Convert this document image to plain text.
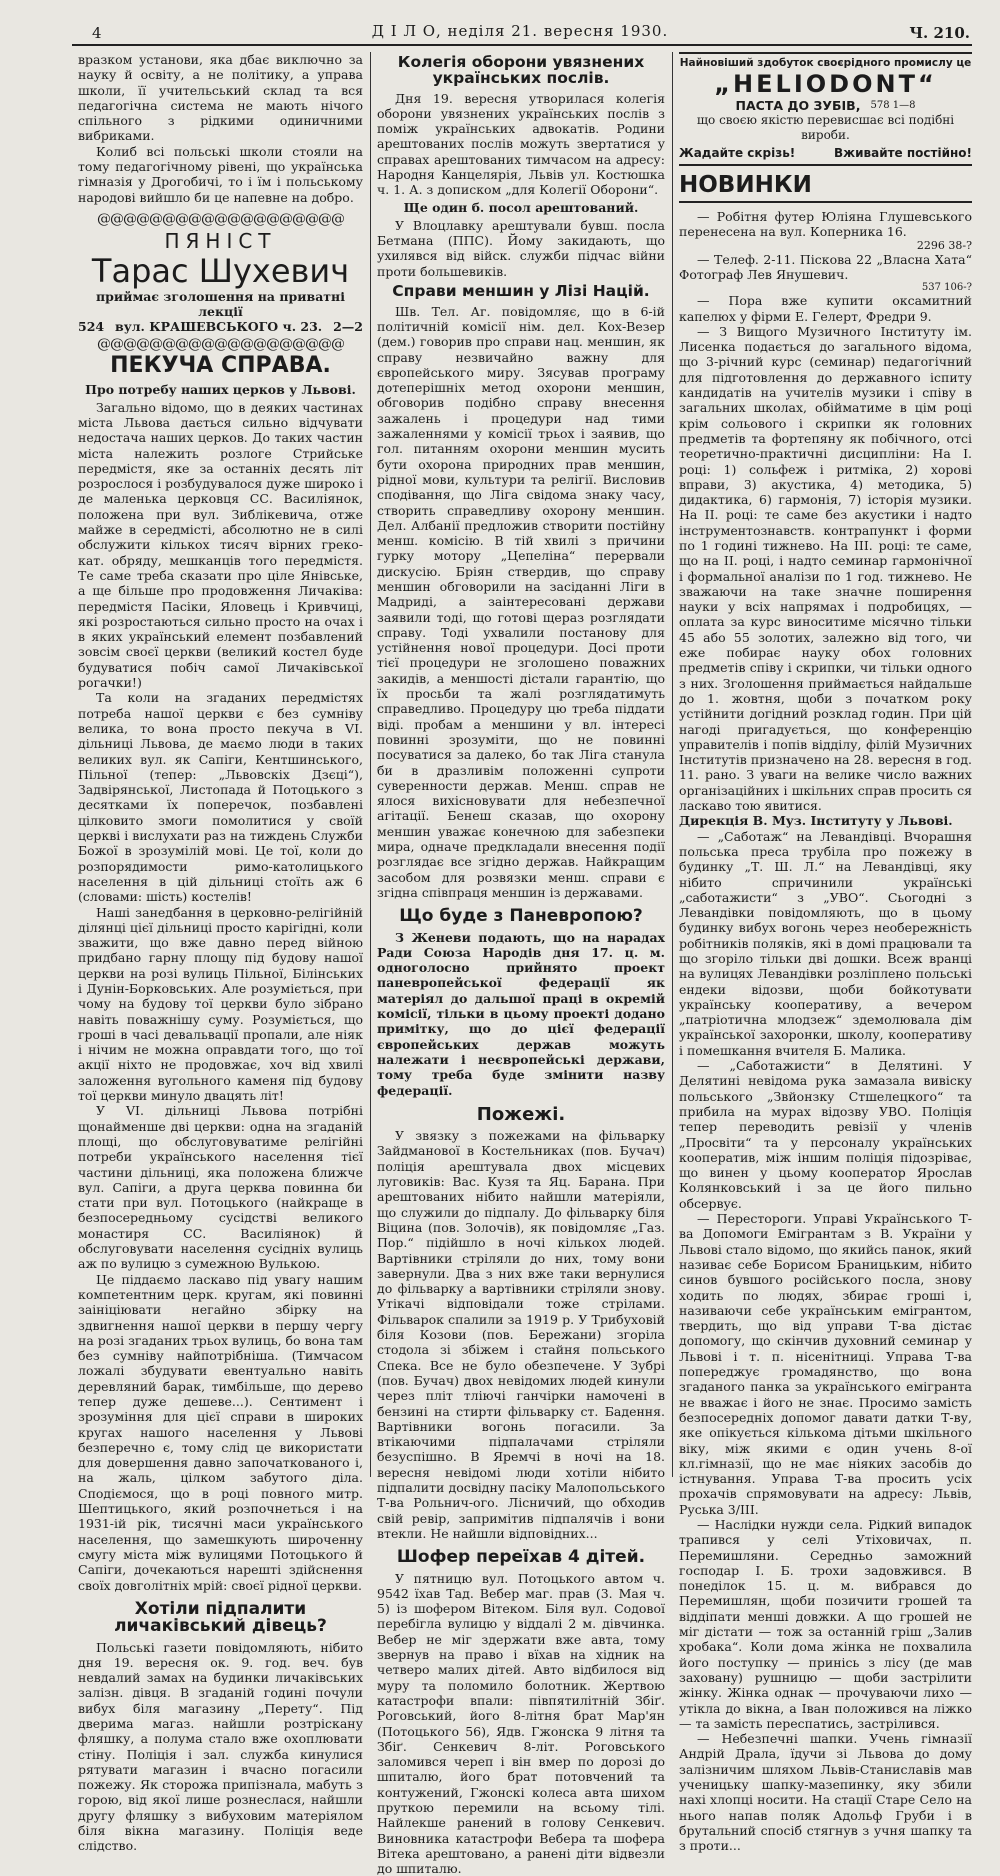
4	Д І Л О, неділя 21. вересня 1930.	Ч. 210.

вразком установи, яка дбає виключно за науку й освіту, а не політику, а управа школи, її учительський склад та вся педагогічна система не мають нічого спільного з рідкими одиничними вибриками.

Колиб всі польські школи стояли на тому педагогічному рівені, що українська гімназія у Дрогобичі, то і їм і польському народові вийшло би це напевне на добро.

@@@@@@@@@@@@@@@@@@@
ПЯНІСТ
Тарас Шухевич
приймає зголошення на приватні лекції
524 вул. КРАШЕВСЬКОГО ч. 23. 2—2
@@@@@@@@@@@@@@@@@@@
ПЕКУЧА СПРАВА.
Про потребу наших церков у Львові.

Загально відомо, що в деяких частинах міста Львова дається сильно відчувати недостача наших церков. До таких частин міста належить розлоге Стрийське передмістя, яке за останніх десять літ розрослося і розбудувалося дуже широко і де маленька церковця СС. Василіянок, положена при вул. Зиблікевича, отже майже в середмісті, абсолютно не в силі обслужити кількох тисяч вірних греко-кат. обряду, мешканців того передмістя. Те саме треба сказати про ціле Янівське, а ще більше про продовження Личаківа: передмістя Пасіки, Яловець і Кривчиці, які розростаються сильно просто на очах і в яких український елемент позбавлений зовсім своєї церкви (великий костел буде будуватися побіч самої Личаківської рогачки!)

Та коли на згаданих передмістях потреба нашої церкви є без сумніву велика, то вона просто пекуча в VI. дільниці Львова, де маємо люди в таких великих вул. як Сапіги, Кентшинського, Пільної (тепер: „Львовскіх Дзєці“), Задвірянської, Листопада й Потоцького з десятками їх поперечок, позбавлені цілковито змоги помолитися у своїй церкві і вислухати раз на тиждень Служби Божої в зрозумілій мові. Це тої, коли до розпорядимости римо-католицького населення в цій дільниці стоїть аж 6 (словами: шість) костелів!

Наші занедбання в церковно-релігійній ділянці цієї дільниці просто карігідні, коли зважити, що вже давно перед війною придбано гарну площу під будову нашої церкви на розі вулиць Пільної, Білінських і Дунін-Борковських. Але розуміється, при чому на будову тої церкви було зібрано навіть поважнішу суму. Розуміється, що гроші в часі девальвації пропали, але ніяк і нічим не можна оправдати того, що тої акції ніхто не продовжає, хоч від хвилі заложення вугольного каменя під будову тої церкви минуло двацять літ!

У VI. дільниці Львова потрібні щонайменше дві церкви: одна на згаданій площі, що обслуговуватиме релігійні потреби українського населення тієї частини дільниці, яка положена ближче вул. Сапіги, а друга церква повинна би стати при вул. Потоцького (найкраще в безпосередньому сусідстві великого монастиря СС. Василіянок) й обслуговувати населення сусідніх вулиць аж по вулицю з сумежною Вулькою.

Це піддаємо ласкаво під увагу нашим компетентним церк. кругам, які повинні заініціювати негайно збірку на здвигнення нашої церкви в першу чергу на розі згаданих трьох вулиць, бо вона там без сумніву найпотрібніша. (Тимчасом ложалі збудувати евентуально навіть деревляний барак, тимбільше, що дерево тепер дуже дешеве...). Сентимент і зрозуміння для цієї справи в широких кругах нашого населення у Львові безперечно є, тому слід це використати для довершення давно започаткованого і, на жаль, цілком забутого діла. Сподіємося, що в році повного митр. Шептицького, який розпочнеться і на 1931-ій рік, тисячні маси українського населення, що замешкують широченну смугу міста між вулицями Потоцького й Сапіги, дочекаються нарешті здійснення своїх довголітніх мрій: своєї рідної церкви.

Хотіли підпалити личаківський дівець?

Польські газети повідомляють, нібито дня 19. вересня ок. 9. год. веч. був невдалий замах на будинки личаківських залізн. дівця. В згаданій годині почули вибух біля магазину „Перету“. Під дверима магаз. найшли розтріскану фляшку, а полума стало вже охоплювати стіну. Поліція і зал. служба кинулися рятувати магазин і вчасно погасили пожежу. Як сторожа припізнала, мабуть з горою, від якої лише рознеслася, найшли другу фляшку з вибуховим матеріялом біля вікна магазину. Поліція веде слідство.

Колегія оборони увязнених українських послів.

Дня 19. вересня утворилася колегія оборони увязнених українських послів з поміж українських адвокатів. Родини арештованих послів можуть звертатися у справах арештованих тимчасом на адресу: Народня Канцелярія, Львів ул. Костюшка ч. 1. А. з дописком „для Колегії Оборони“.

Ще один б. посол арештований.

У Влоцлавку арештували бувш. посла Бетмана (ППС). Йому закидають, що ухилявся від війск. служби підчас війни проти большевиків.

Справи меншин у Лізі Націй.

Шв. Тел. Аг. повідомляє, що в 6-ій політичній комісії нім. дел. Кох-Везер (дем.) говорив про справи нац. меншин, як справу незвичайно важну для європейського миру. Зясував програму дотеперішніх метод охорони меншин, обговорив подібно справу внесення зажалень і процедури над тими зажаленнями у комісії трьох і заявив, що гол. питанням охорони меншин мусить бути охорона природних прав меншин, рідної мови, культури та релігії. Висловив сподівання, що Ліга свідома знаку часу, створить справедливу охорону меншин. Дел. Албанії предложив створити постійну менш. комісію. В тій хвилі з причини гурку мотору „Цепеліна“ перервали дискусію. Бріян ствердив, що справу меншин обговорили на засіданні Ліги в Мадриді, а заінтересовані держави заявили тоді, що готові щераз розглядати справу. Тоді ухвалили постанову для устійнення нової процедури. Досі проти тієї процедури не зголошено поважних закидів, а меншості дістали гарантію, що їх просьби та жалі розглядатимуть справедливо. Процедуру цю треба піддати віді. пробам а меншини у вл. інтересі повинні зрозуміти, що не повинні посуватися за далеко, бо так Ліга станула би в дразливім положенні супроти суверенности держав. Менш. справ не ялося вихісновувати для небезпечної агітації. Бенеш сказав, що охорону меншин уважає конечною для забезпеки мира, одначе предкладали внесення події розглядає все згідно держав. Найкращим засобом для розвязки менш. справи є згідна співпраця меншин із державами.

Що буде з Паневропою?

З Женеви подають, що на нарадах Ради Союза Народів дня 17. ц. м. одноголосно прийнято проект паневропейської федерації як матеріял до дальшої праці в окремій комісії, тільки в цьому проекті додано примітку, що до цієї федерації європейських держав можуть належати і неєвропейські держави, тому треба буде змінити назву федерації.

Пожежі.

У звязку з пожежами на фільварку Зайдманової в Костельниках (пов. Бучач) поліція арештувала двох місцевих луговиків: Вас. Кузя та Яц. Барана. При арештованих нібито найшли матеріяли, що служили до підпалу. До фільварку біля Віцина (пов. Золочів), як повідомляє „Газ. Пор.“ підійшло в ночі кількох людей. Вартівники стріляли до них, тому вони завернули. Два з них вже таки вернулися до фільварку а вартівники стріляли знову. Утікачі відповідали тоже стрілами. Фільварок спалили за 1919 р. У Трибуховій біля Козови (пов. Бережани) згоріла стодола зі збіжем і стайня польського Спека. Все не було обезпечене. У Зубрі (пов. Бучач) двох невідомих людей кинули через пліт тліючі ганчірки намочені в бензині на стирти фільварку ст. Бадення. Вартівники вогонь погасили. За втікаючими підпалачами стріляли безуспішно. В Яремчі в ночі на 18. вересня невідомі люди хотіли нібито підпалити досвідну пасіку Малопольського Т-ва Рольнич-ого. Лісничий, що обходив свій ревір, запримітив підпалячів і вони втекли. Не найшли відповідних...

Шофер переїхав 4 дітей.

У пятницю вул. Потоцького автом ч. 9542 їхав Тад. Вебер маг. прав (3. Мая ч. 5) із шофером Вітеком. Біля вул. Содової перебігла вулицю у віддалі 2 м. дівчинка. Вебер не міг здержати вже авта, тому звернув на право і вїхав на хідник на четверо малих дітей. Авто відбилося від муру та поломило болотник. Жертвою катастрофи впали: півпятилітній Збіґ. Роговський, його 8-літня брат Мар'ян (Потоцького 56), Ядв. Гжонска 9 літня та Збіґ. Сенкевич 8-літ. Роговського заломився череп і він вмер по дорозі до шпиталю, його брат потовчений та контужений, Гжонскі колеса авта шихом пруткою перемили на всьому тілі. Найлекше ранений в голову Сенкевич. Виновника катастрофи Вебера та шофера Вітека арештовано, а ранені діти відвезли до шпиталю.

Найновіший здобуток своєрідного промислу це
„HELIODONT“
ПАСТА ДО ЗУБІВ, 578 1—8
що своєю якістю перевисшає всі подібні вироби.
Жадайте скрізь!	Вживайте постійно!
НОВИНКИ

— Робітня футер Юліяна Глушевського перенесена на вул. Коперника 16.

2296 38-?

— Телеф. 2-11. Піскова 22 „Власна Хата“ Фотограф Лев Янушевич.

537 106-?

— Пора вже купити оксамитний капелюх у фірми Е. Гелерт, Фредри 9.

— З Вищого Музичного Інституту ім. Лисенка подається до загального відома, що 3-річний курс (семинар) педагогічний для підготовлення до державного іспиту кандидатів на учителів музики і співу в загальних школах, обійматиме в цім році крім сольового і скрипки як головних предметів та фортепяну як побічного, отсі теоретично-практичні дисципліни: На І. році: 1) сольфеж і ритміка, 2) хорові вправи, 3) акустика, 4) методика, 5) дидактика, 6) гармонія, 7) історія музики. На ІІ. році: те саме без акустики і надто інструментознавств. контрапункт і форми по 1 годині тижнево. На ІІІ. році: те саме, що на ІІ. році, і надто семинар гармонічної і формальної аналізи по 1 год. тижнево. Не зважаючи на таке значне поширення науки у всіх напрямах і подробицях, — оплата за курс виноситиме місячно тільки 45 або 55 золотих, залежно від того, чи еже побирає науку обох головних предметів співу і скрипки, чи тільки одного з них. Зголошення приймається найдальше до 1. жовтня, щоби з початком року устійнити догідний розклад годин. При цій нагоді пригадується, що конференцію управителів і попів відділу, філій Музичних Інститутів призначено на 28. вересня в год. 11. рано. З уваги на велике число важних організаційних і шкільних справ просить ся ласкаво тою явитися.

Дирекція В. Муз. Інституту у Львові.

— „Саботаж“ на Левандівці. Вчорашня польська преса трубіла про пожежу в будинку „Т. Ш. Л.“ на Левандівці, яку нібито спричинили українські „саботажисти“ з „УВО“. Сьогодні з Левандівки повідомляють, що в цьому будинку вибух вогонь через необережність робітників поляків, які в домі працювали та що згоріло тільки дві дошки. Всеж вранці на вулицях Левандівки розліплено польські ендеки відозви, щоби бойкотувати українську кооперативу, а вечером „патріотична млодзеж“ здемолювала дім української захоронки, школу, кооперативу і помешкання вчителя Б. Малика.

— „Саботажисти“ в Делятині. У Делятині невідома рука замазала вивіску польського „Звйонзку Стшелецкого“ та прибила на мурах відозву УВО. Поліція тепер переводить ревізії у членів „Просвіти“ та у персоналу українських кооператив, між іншим поліція підозріває, що винен у цьому кооператор Ярослав Колянковський і за це його пильно обсервує.

— Перестороги. Управі Українського Т-ва Допомоги Емігрантам з В. України у Львові стало відомо, що якийсь панок, який називає себе Борисом Браницьким, нібито синов бувшого російського посла, знову ходить по людях, збирає гроші і, називаючи себе українським емігрантом, твердить, що від управи Т-ва дістає допомогу, що скінчив духовний семинар у Львові і т. п. нісенітниці. Управа Т-ва попереджує громадянство, що вона згаданого панка за українського емігранта не вважає і його не знає. Просимо замість безпосередніх допомог давати датки Т-ву, яке опікується кількома дітьми шкільного віку, між якими є один учень 8-ої кл.гімназії, що не має ніяких засобів до істнування. Управа Т-ва просить усіх прохачів спрямовувати на адресу: Львів, Руська 3/ІІІ.

— Наслідки нужди села. Рідкий випадок трапився у селі Утіховичах, п. Перемишляни. Середньо заможний господар І. Б. трохи задовжився. В понеділок 15. ц. м. вибрався до Перемишлян, щоби позичити грошей та віддіпати менші довжки. А що грошей не міг дістати — тож за останній гріш „Залив хробака“. Коли дома жінка не похвалила його поступку — принісь з лісу (де мав заховану) рушницю — щоби застрілити жінку. Жінка однак — прочуваючи лихо — утікла до вікна, а Іван положився на ліжко — та замість переспатись, застрілився.

— Небезпечні шапки. Учень гімназії Андрій Драла, їдучи зі Львова до дому залізничим шляхом Львів-Станиславів мав ученицьку шапку-мазепинку, яку збили нахі хлопці носити. На стації Старе Село на нього напав поляк Адольф Груби і в брутальний спосіб стягнув з учня шапку та з проти...
